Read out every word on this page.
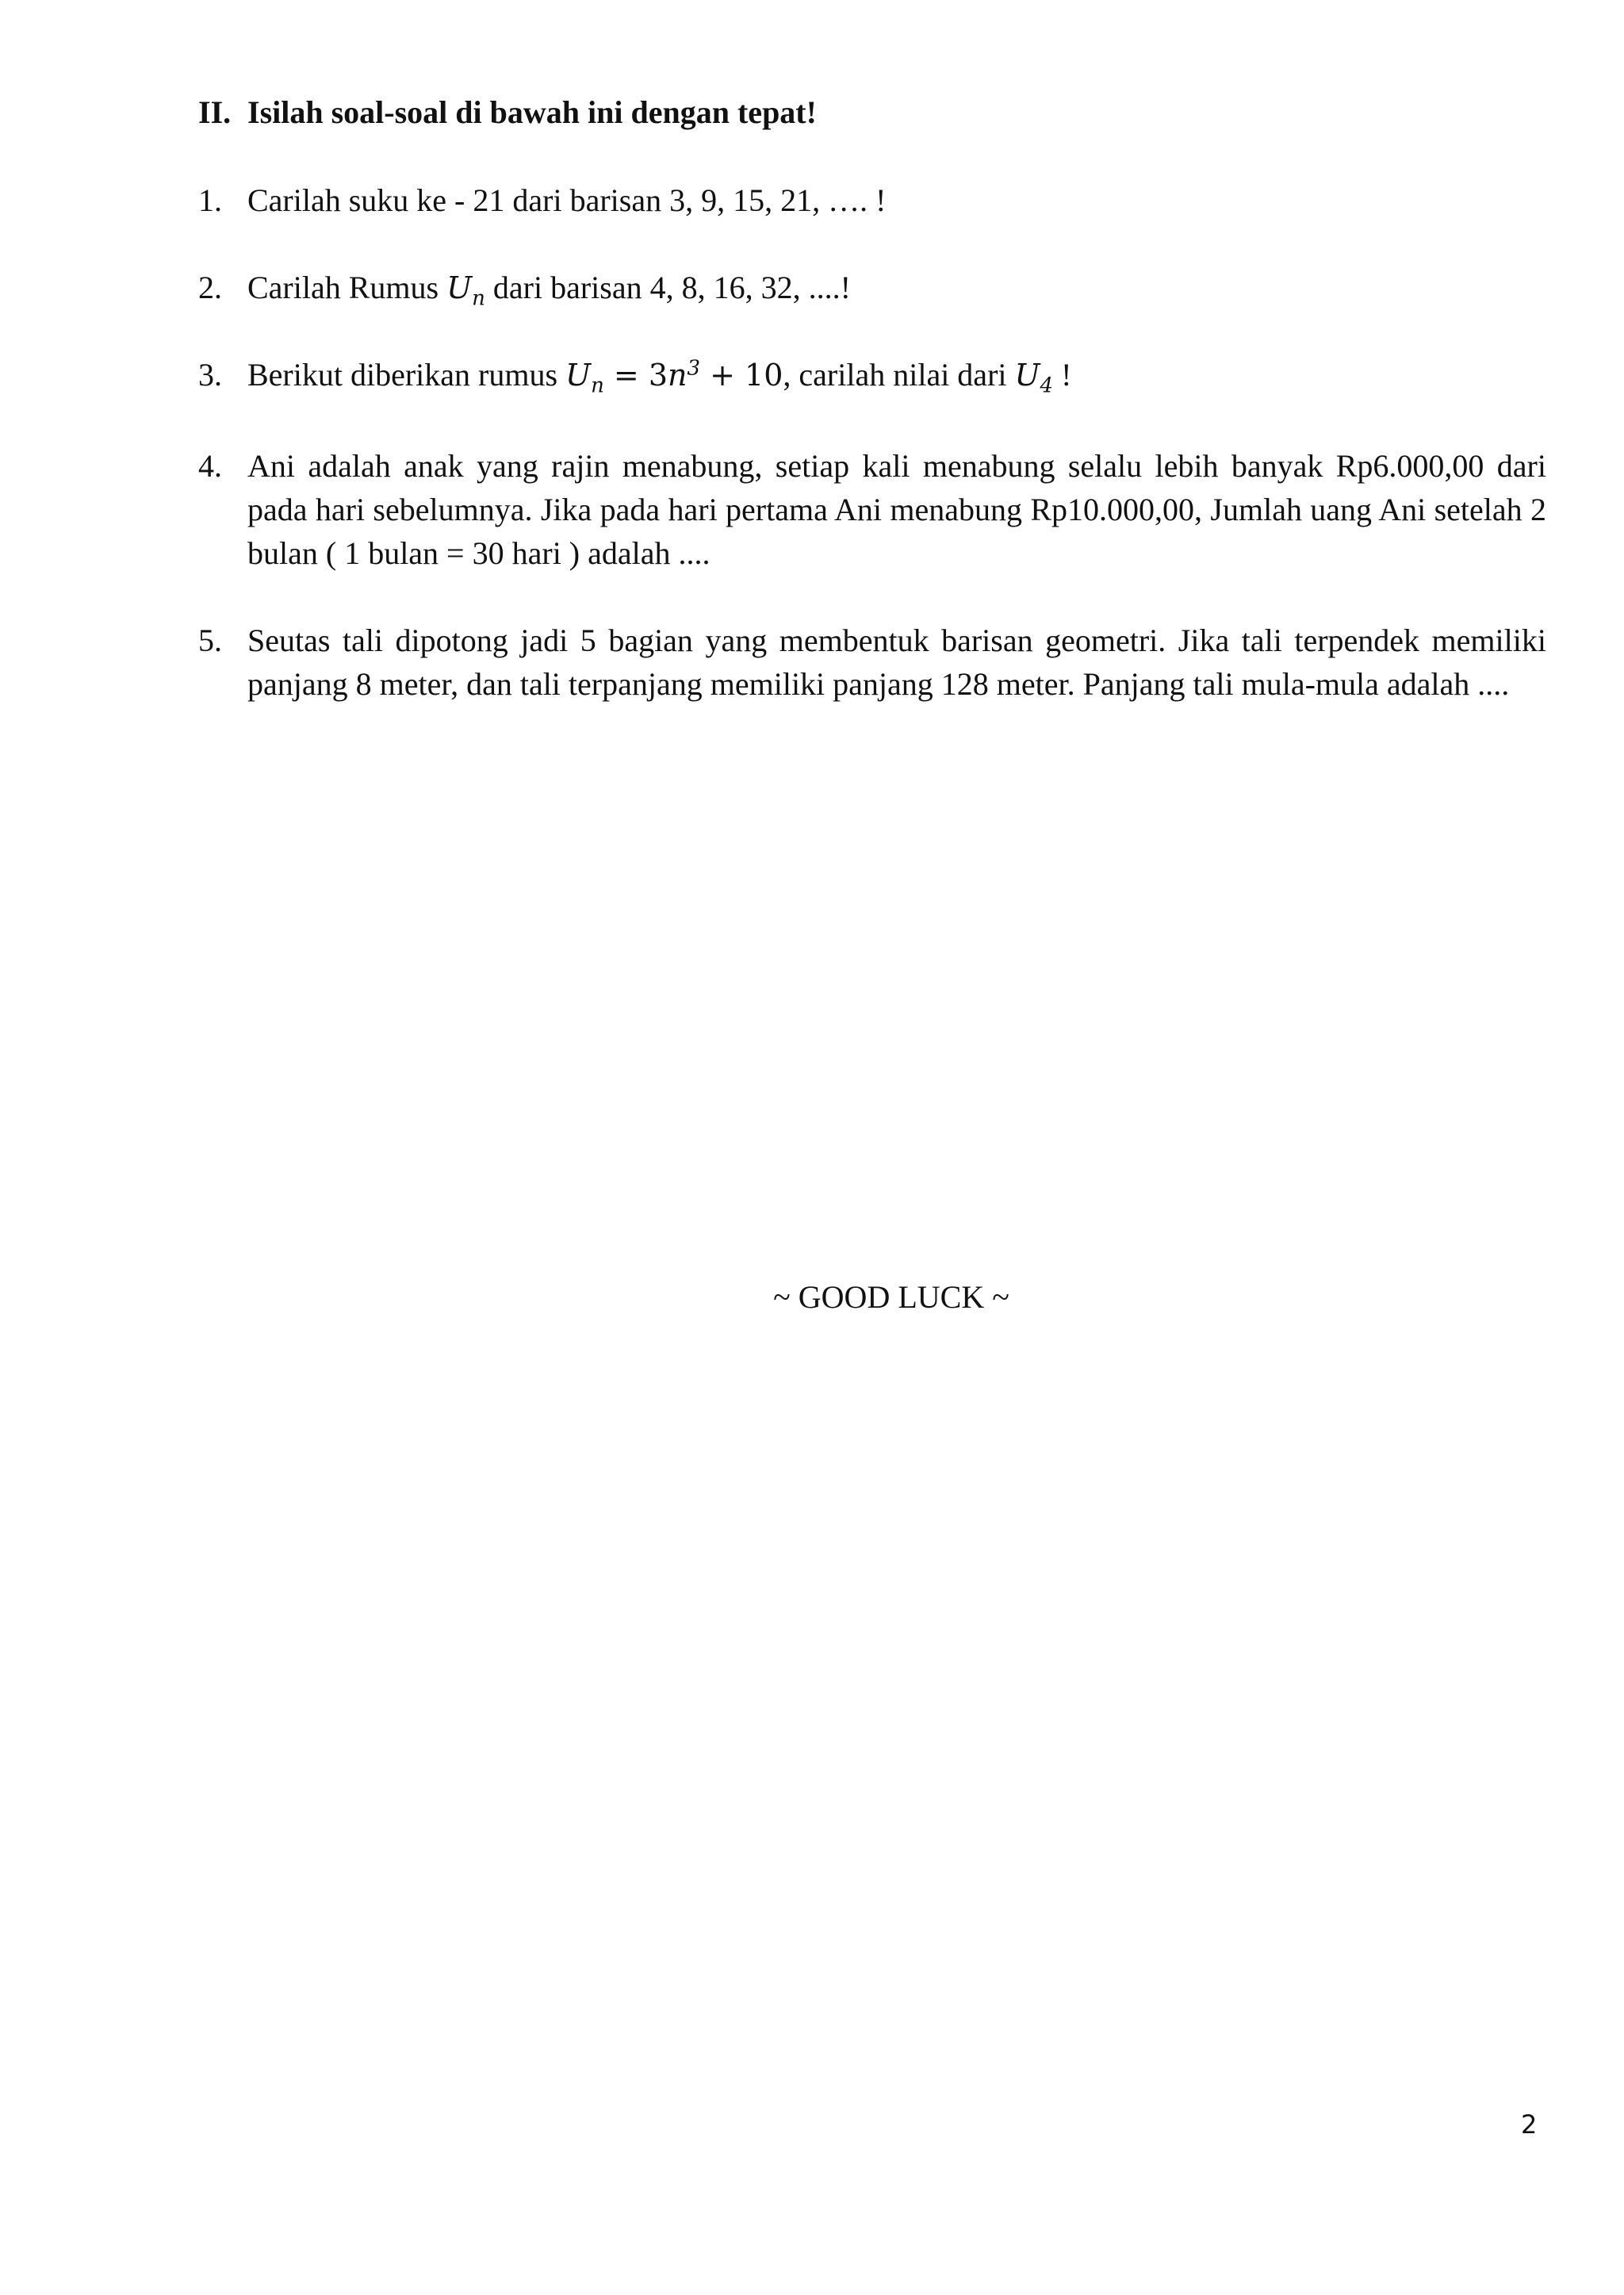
II. Isilah soal-soal di bawah ini dengan tepat!
1. Carilah suku ke - 21 dari barisan 3, 9, 15, 21, …. !
2. Carilah Rumus $U_n$ dari barisan 4, 8, 16, 32, ....!
3. Berikut diberikan rumus $U_n = 3n^3 + 10$, carilah nilai dari $U_4$ !
4. Ani adalah anak yang rajin menabung, setiap kali menabung selalu lebih banyak Rp6.000,00 dari pada hari sebelumnya. Jika pada hari pertama Ani menabung Rp10.000,00, Jumlah uang Ani setelah 2 bulan ( 1 bulan = 30 hari ) adalah ....
5. Seutas tali dipotong jadi 5 bagian yang membentuk barisan geometri. Jika tali terpendek memiliki panjang 8 meter, dan tali terpanjang memiliki panjang 128 meter. Panjang tali mula-mula adalah ....
~ GOOD LUCK ~
2
